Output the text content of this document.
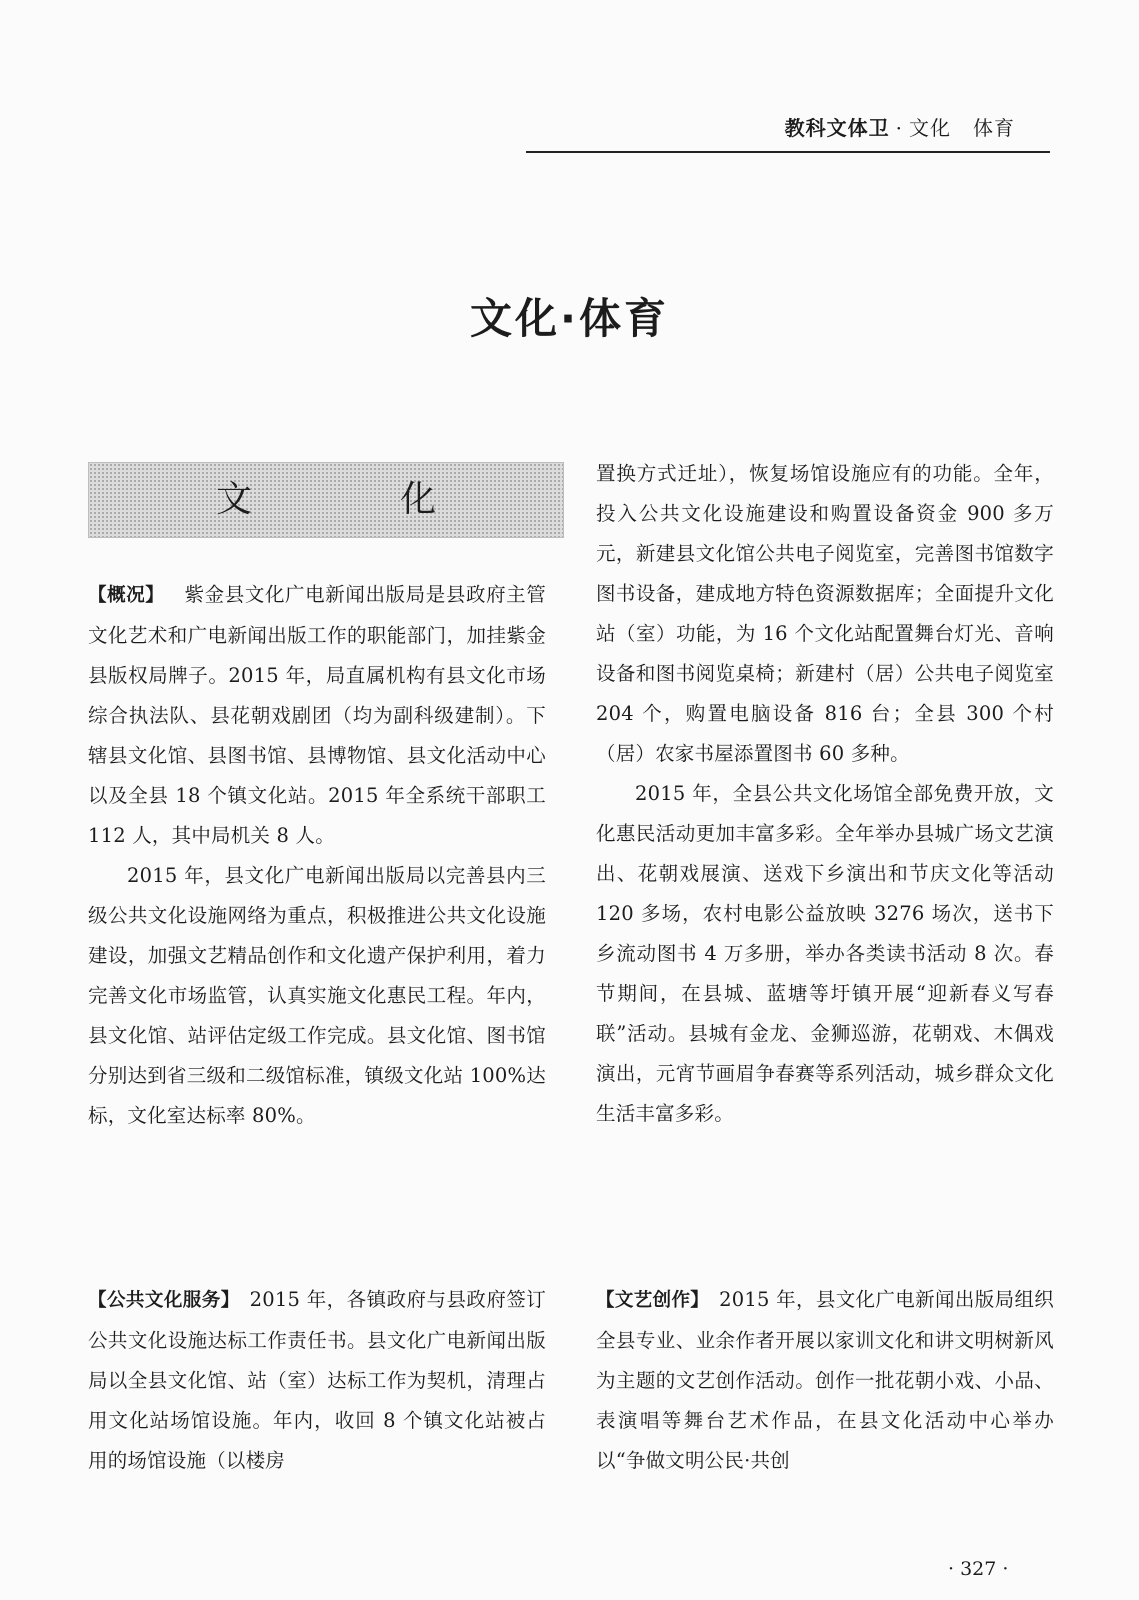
教科文体卫 · 文化 体育
文化·体育
文　化

【概况】  紫金县文化广电新闻出版局是县政府主管文化艺术和广电新闻出版工作的职能部门，加挂紫金县版权局牌子。2015 年，局直属机构有县文化市场综合执法队、县花朝戏剧团（均为副科级建制）。下辖县文化馆、县图书馆、县博物馆、县文化活动中心以及全县 18 个镇文化站。2015 年全系统干部职工 112 人，其中局机关 8 人。

2015 年，县文化广电新闻出版局以完善县内三级公共文化设施网络为重点，积极推进公共文化设施建设，加强文艺精品创作和文化遗产保护利用，着力完善文化市场监管，认真实施文化惠民工程。年内，县文化馆、站评估定级工作完成。县文化馆、图书馆分别达到省三级和二级馆标准，镇级文化站 100%达标，文化室达标率 80%。

【公共文化服务】  2015 年，各镇政府与县政府签订公共文化设施达标工作责任书。县文化广电新闻出版局以全县文化馆、站（室）达标工作为契机，清理占用文化站场馆设施。年内，收回 8 个镇文化站被占用的场馆设施（以楼房

置换方式迁址），恢复场馆设施应有的功能。全年，投入公共文化设施建设和购置设备资金 900 多万元，新建县文化馆公共电子阅览室，完善图书馆数字图书设备，建成地方特色资源数据库；全面提升文化站（室）功能，为 16 个文化站配置舞台灯光、音响设备和图书阅览桌椅；新建村（居）公共电子阅览室 204 个，购置电脑设备 816 台；全县 300 个村（居）农家书屋添置图书 60 多种。

2015 年，全县公共文化场馆全部免费开放，文化惠民活动更加丰富多彩。全年举办县城广场文艺演出、花朝戏展演、送戏下乡演出和节庆文化等活动 120 多场，农村电影公益放映 3276 场次，送书下乡流动图书 4 万多册，举办各类读书活动 8 次。春节期间，在县城、蓝塘等圩镇开展“迎新春义写春联”活动。县城有金龙、金狮巡游，花朝戏、木偶戏演出，元宵节画眉争春赛等系列活动，城乡群众文化生活丰富多彩。

【文艺创作】  2015 年，县文化广电新闻出版局组织全县专业、业余作者开展以家训文化和讲文明树新风为主题的文艺创作活动。创作一批花朝小戏、小品、表演唱等舞台艺术作品，在县文化活动中心举办以“争做文明公民·共创

· 327 ·
